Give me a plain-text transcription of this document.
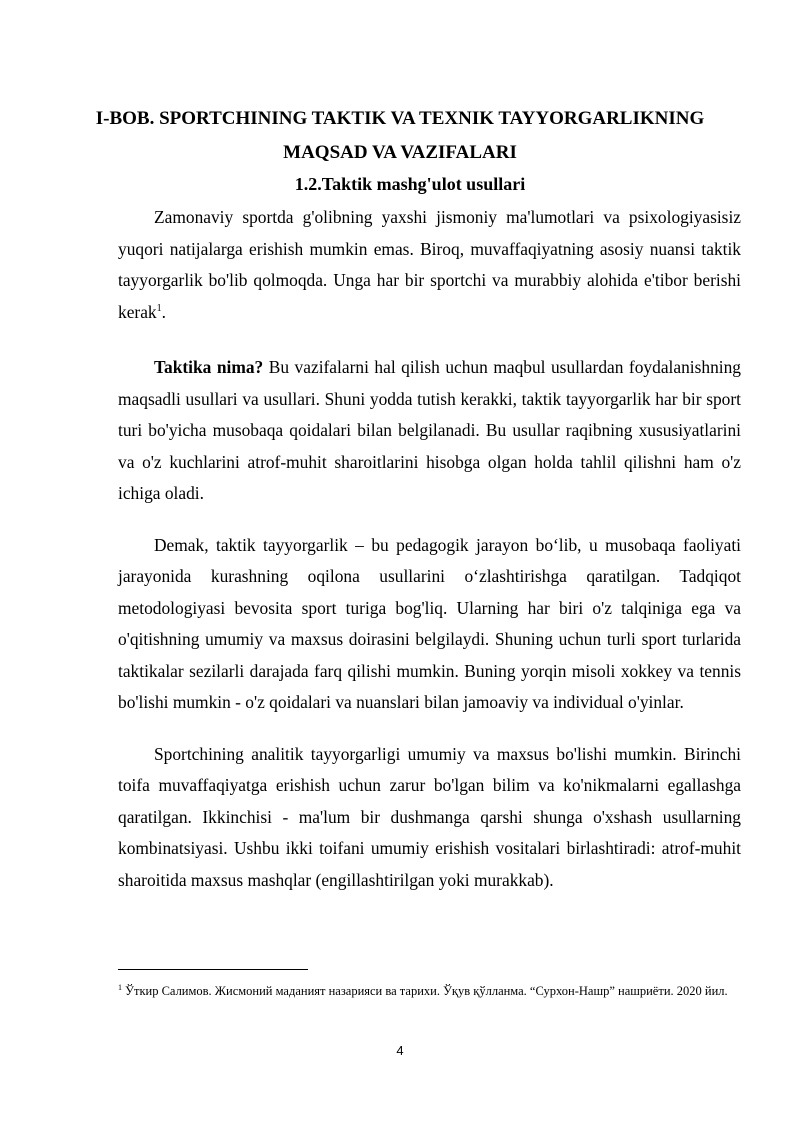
I-BOB. SPORTCHINING TAKTIK VA TEXNIK TAYYORGARLIKNING
MAQSAD VA VAZIFALARI
1.2.Taktik mashg'ulot usullari

Zamonaviy sportda g'olibning yaxshi jismoniy ma'lumotlari va psixologiyasisiz yuqori natijalarga erishish mumkin emas. Biroq, muvaffaqiyatning asosiy nuansi taktik tayyorgarlik bo'lib qolmoqda. Unga har bir sportchi va murabbiy alohida e'tibor berishi kerak$^1$.

Taktika nima? Bu vazifalarni hal qilish uchun maqbul usullardan foydalanishning maqsadli usullari va usullari. Shuni yodda tutish kerakki, taktik tayyorgarlik har bir sport turi bo'yicha musobaqa qoidalari bilan belgilanadi. Bu usullar raqibning xususiyatlarini va o'z kuchlarini atrof-muhit sharoitlarini hisobga olgan holda tahlil qilishni ham o'z ichiga oladi.

Demak, taktik tayyorgarlik – bu pedagogik jarayon bo‘lib, u musobaqa faoliyati jarayonida kurashning oqilona usullarini o‘zlashtirishga qaratilgan. Tadqiqot metodologiyasi bevosita sport turiga bog'liq. Ularning har biri o'z talqiniga ega va o'qitishning umumiy va maxsus doirasini belgilaydi. Shuning uchun turli sport turlarida taktikalar sezilarli darajada farq qilishi mumkin. Buning yorqin misoli xokkey va tennis bo'lishi mumkin - o'z qoidalari va nuanslari bilan jamoaviy va individual o'yinlar.

Sportchining analitik tayyorgarligi umumiy va maxsus bo'lishi mumkin. Birinchi toifa muvaffaqiyatga erishish uchun zarur bo'lgan bilim va ko'nikmalarni egallashga qaratilgan. Ikkinchisi - ma'lum bir dushmanga qarshi shunga o'xshash usullarning kombinatsiyasi. Ushbu ikki toifani umumiy erishish vositalari birlashtiradi: atrof-muhit sharoitida maxsus mashqlar (engillashtirilgan yoki murakkab).

$^1$ Ўткир Салимов. Жисмоний маданият назарияси ва тарихи. Ўқув қўлланма. “Сурхон-Нашр” нашриёти. 2020 йил.
4
